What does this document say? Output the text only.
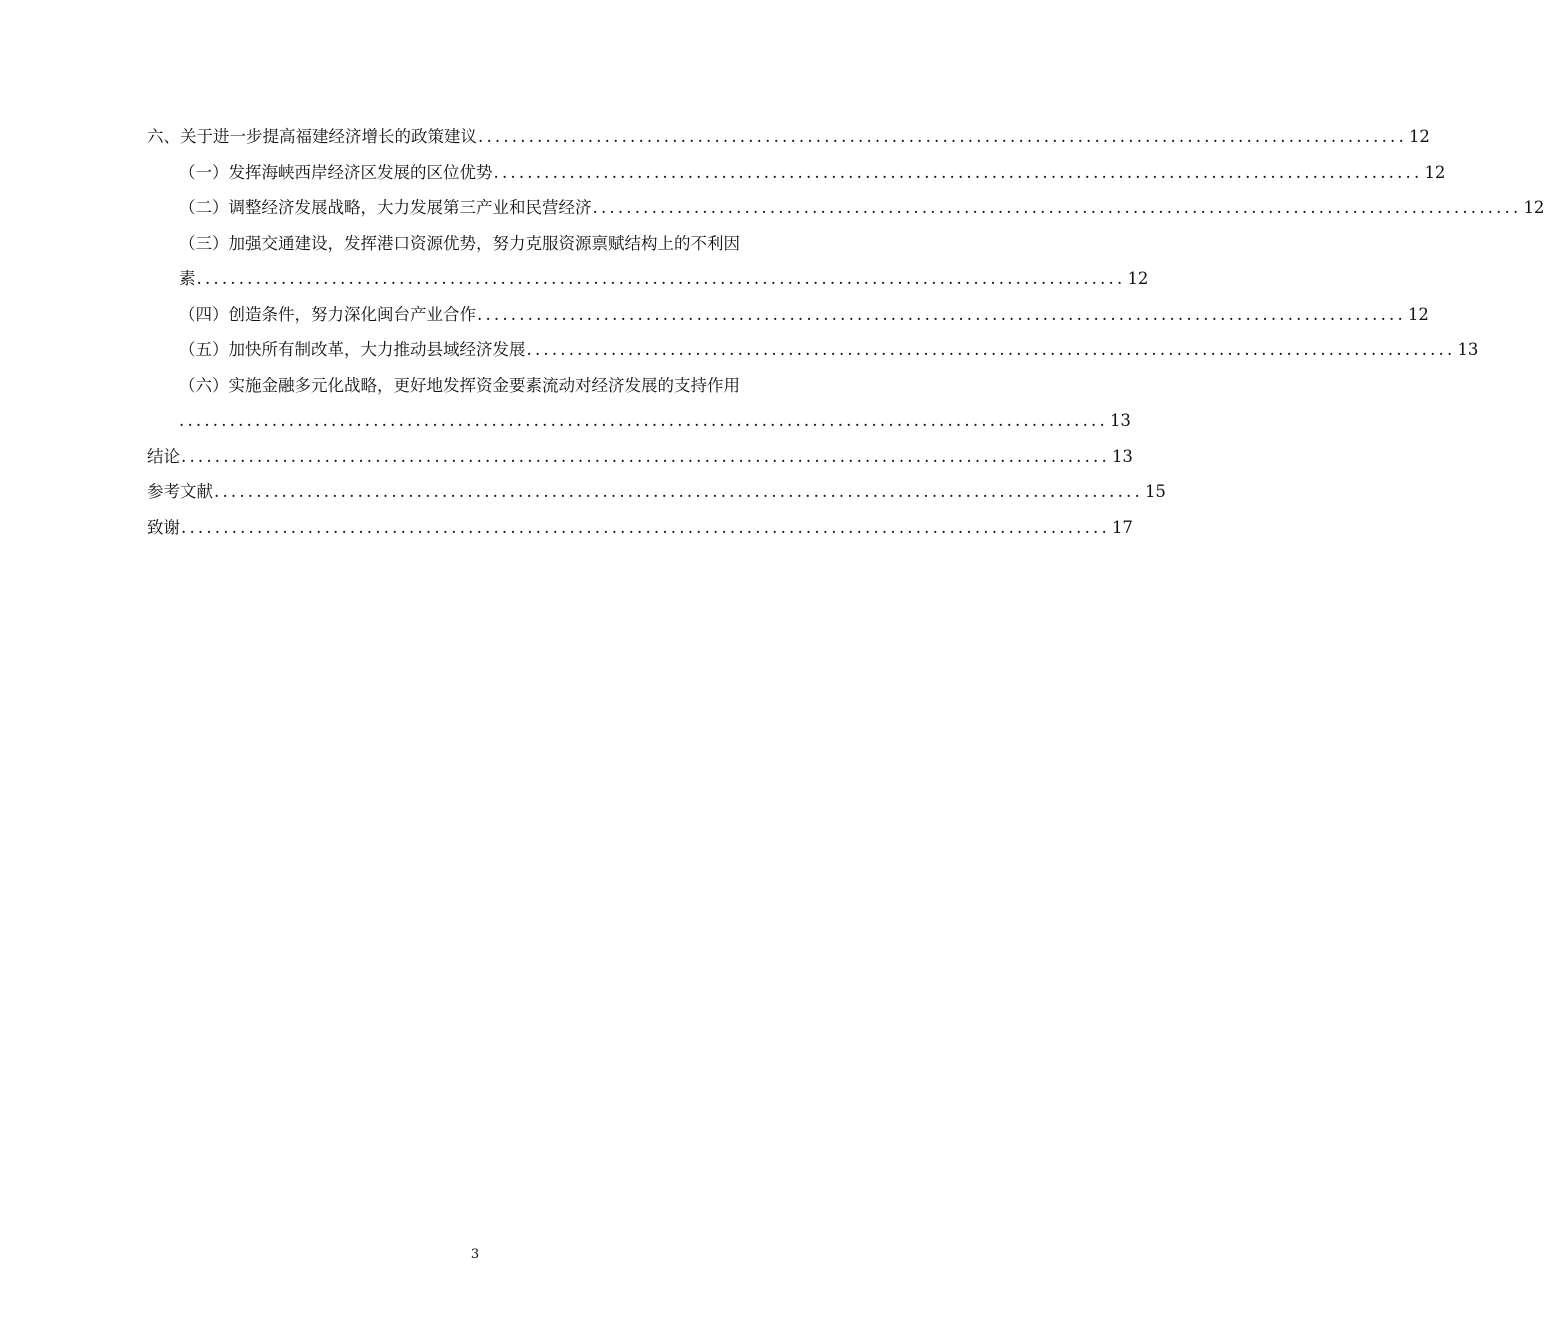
六、关于进一步提高福建经济增长的政策建议 .............................................................................................................. 12
（一）发挥海峡西岸经济区发展的区位优势 .............................................................................................................. 12
（二）调整经济发展战略，大力发展第三产业和民营经济 .............................................................................................................. 12
（三）加强交通建设，发挥港口资源优势，努力克服资源禀赋结构上的不利因
素 .............................................................................................................. 12
（四）创造条件，努力深化闽台产业合作 .............................................................................................................. 12
（五）加快所有制改革，大力推动县域经济发展 .............................................................................................................. 13
（六）实施金融多元化战略，更好地发挥资金要素流动对经济发展的支持作用
.............................................................................................................. 13
结论 .............................................................................................................. 13
参考文献 .............................................................................................................. 15
致谢 .............................................................................................................. 17
3
